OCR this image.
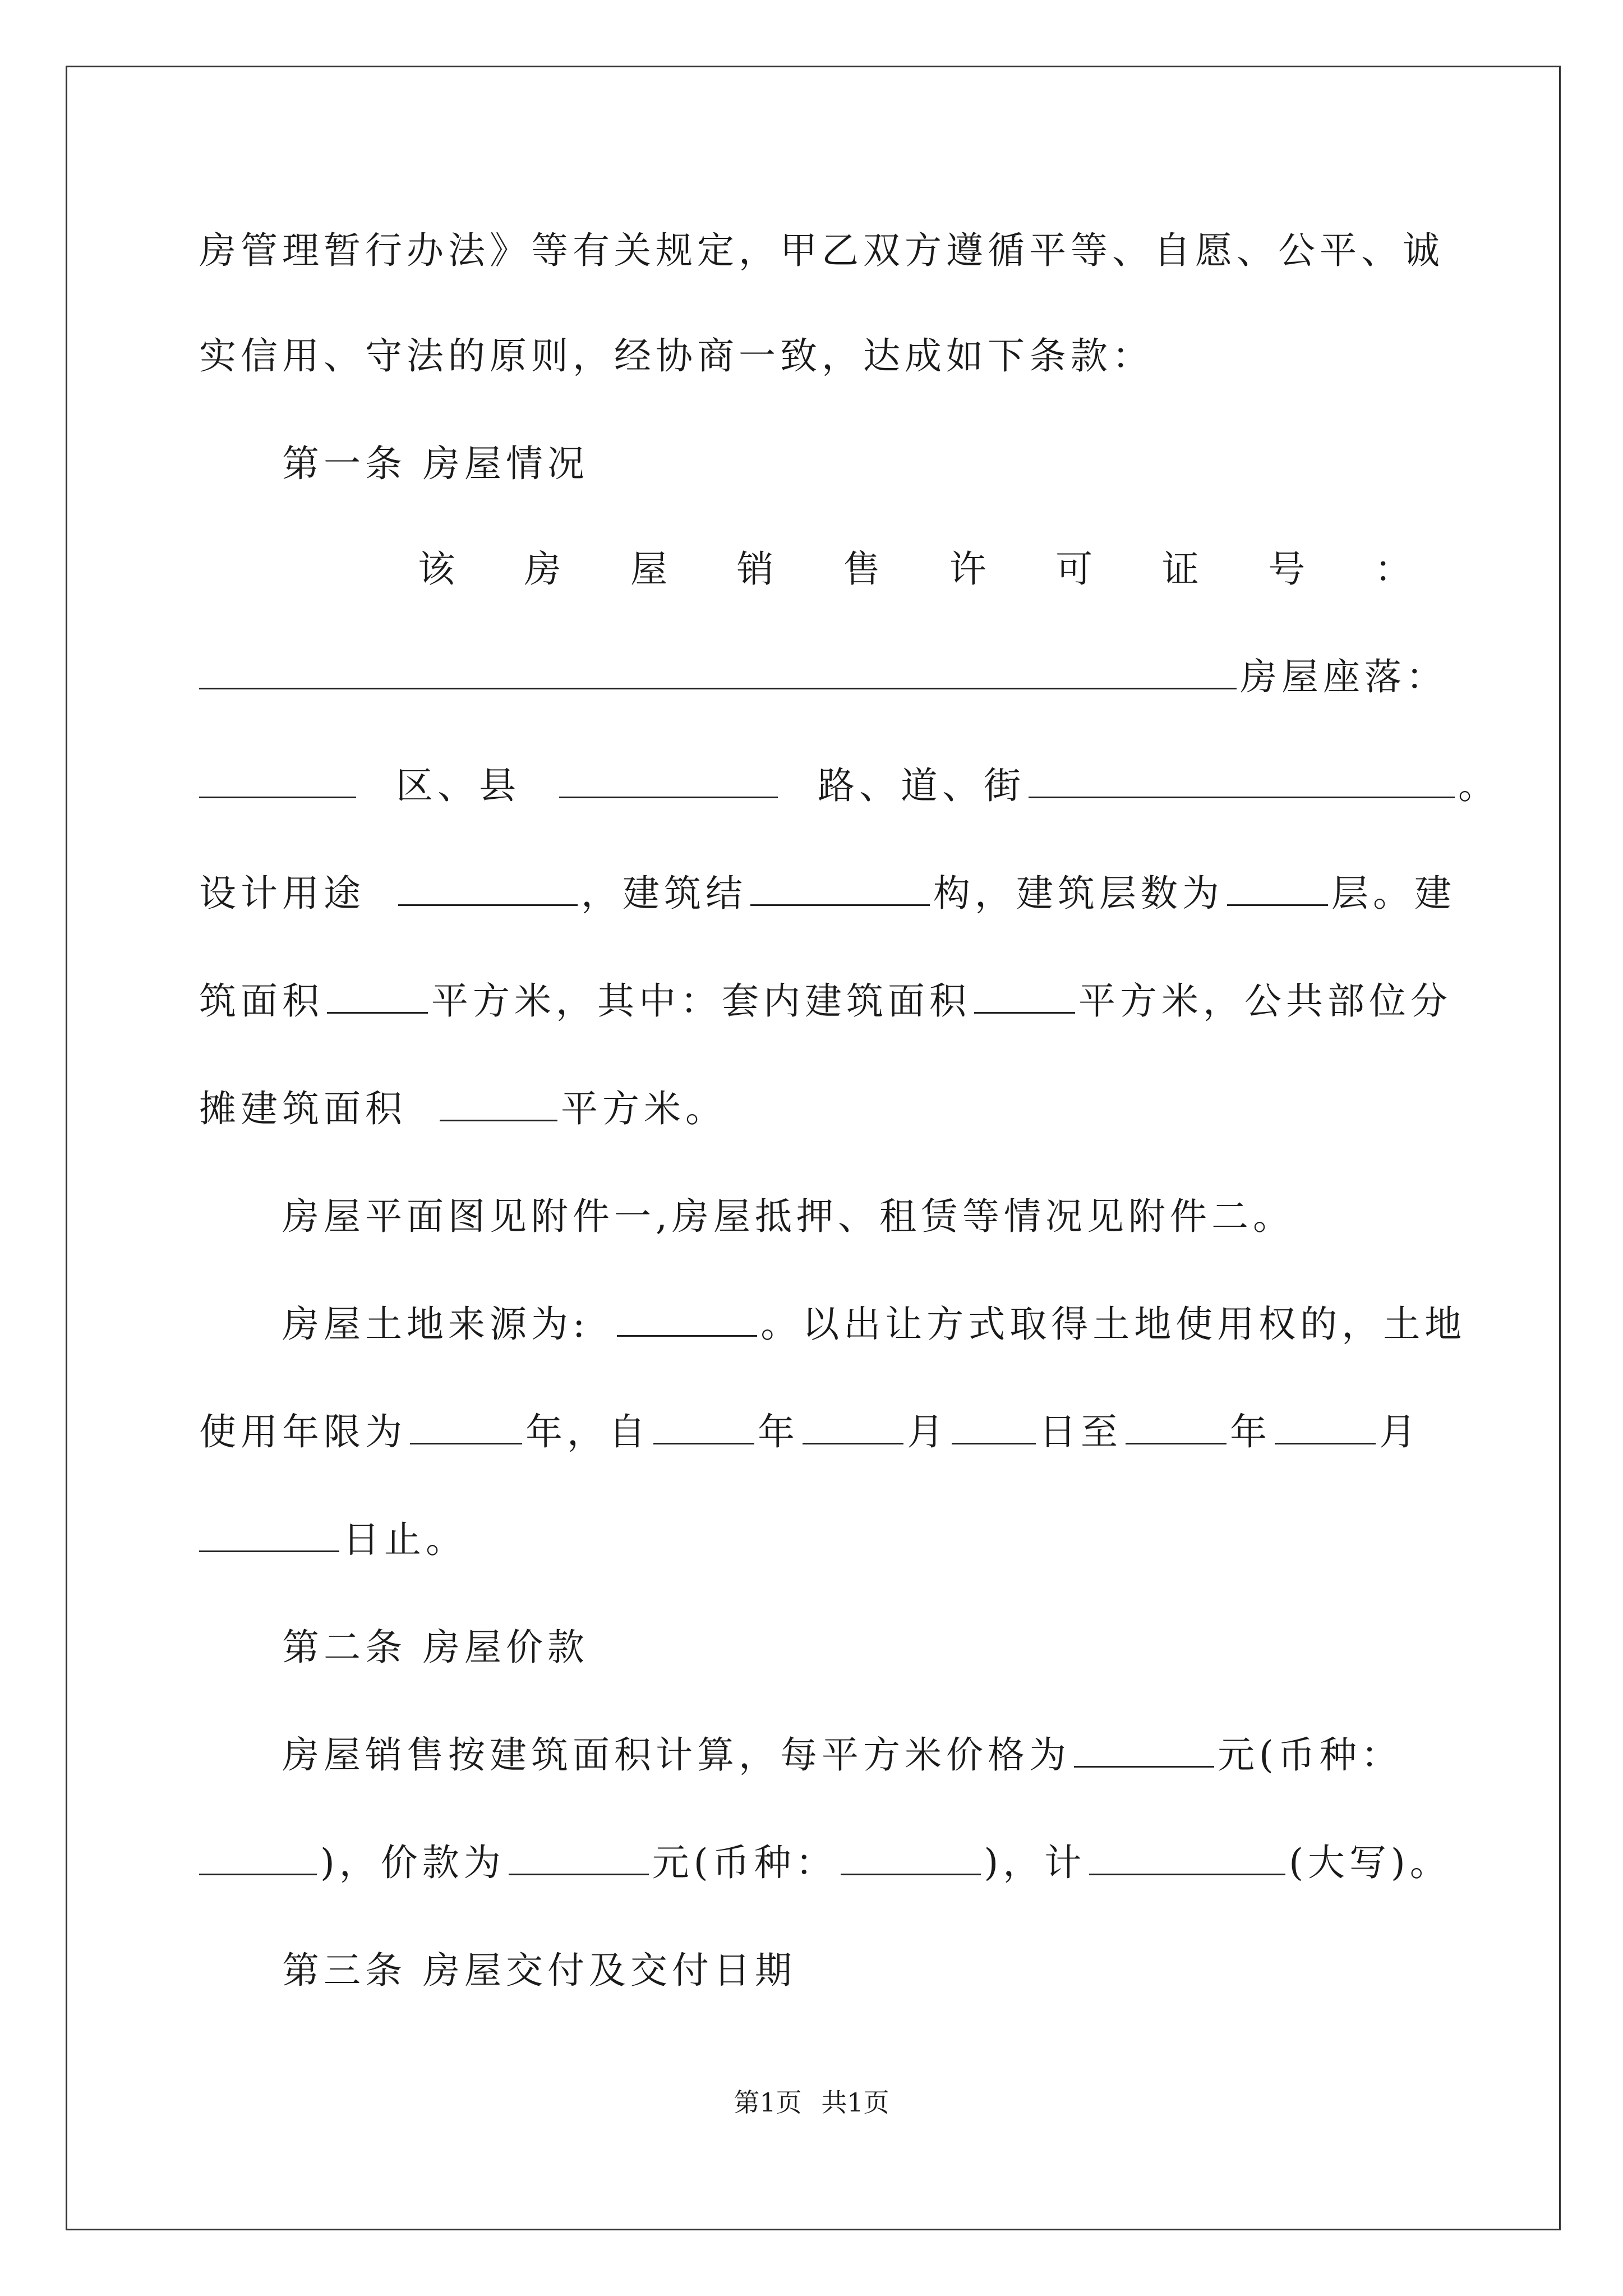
房管理暂行办法》等有关规定，甲乙双方遵循平等、自愿、公平、诚
实信用、守法的原则，经协商一致，达成如下条款：
第一条 房屋情况
该 房 屋 销 售 许 可 证 号 ：
房屋座落：
区、县	路、道、街	。
设计用途	，建筑结	构，建筑层数为	层。建
筑面积	平方米，其中：套内建筑面积	平方米，公共部位分
摊建筑面积	平方米。
房屋平面图见附件一,房屋抵押、租赁等情况见附件二。
房屋土地来源为:	。以出让方式取得土地使用权的，土地
使用年限为	年，自	年	月 日至	年	月
日止。
第二条 房屋价款
房屋销售按建筑面积计算，每平方米价格为	元(币种：
)，价款为	元(币种：	)，计	(大写)。
第三条 房屋交付及交付日期
第1页 共1页
